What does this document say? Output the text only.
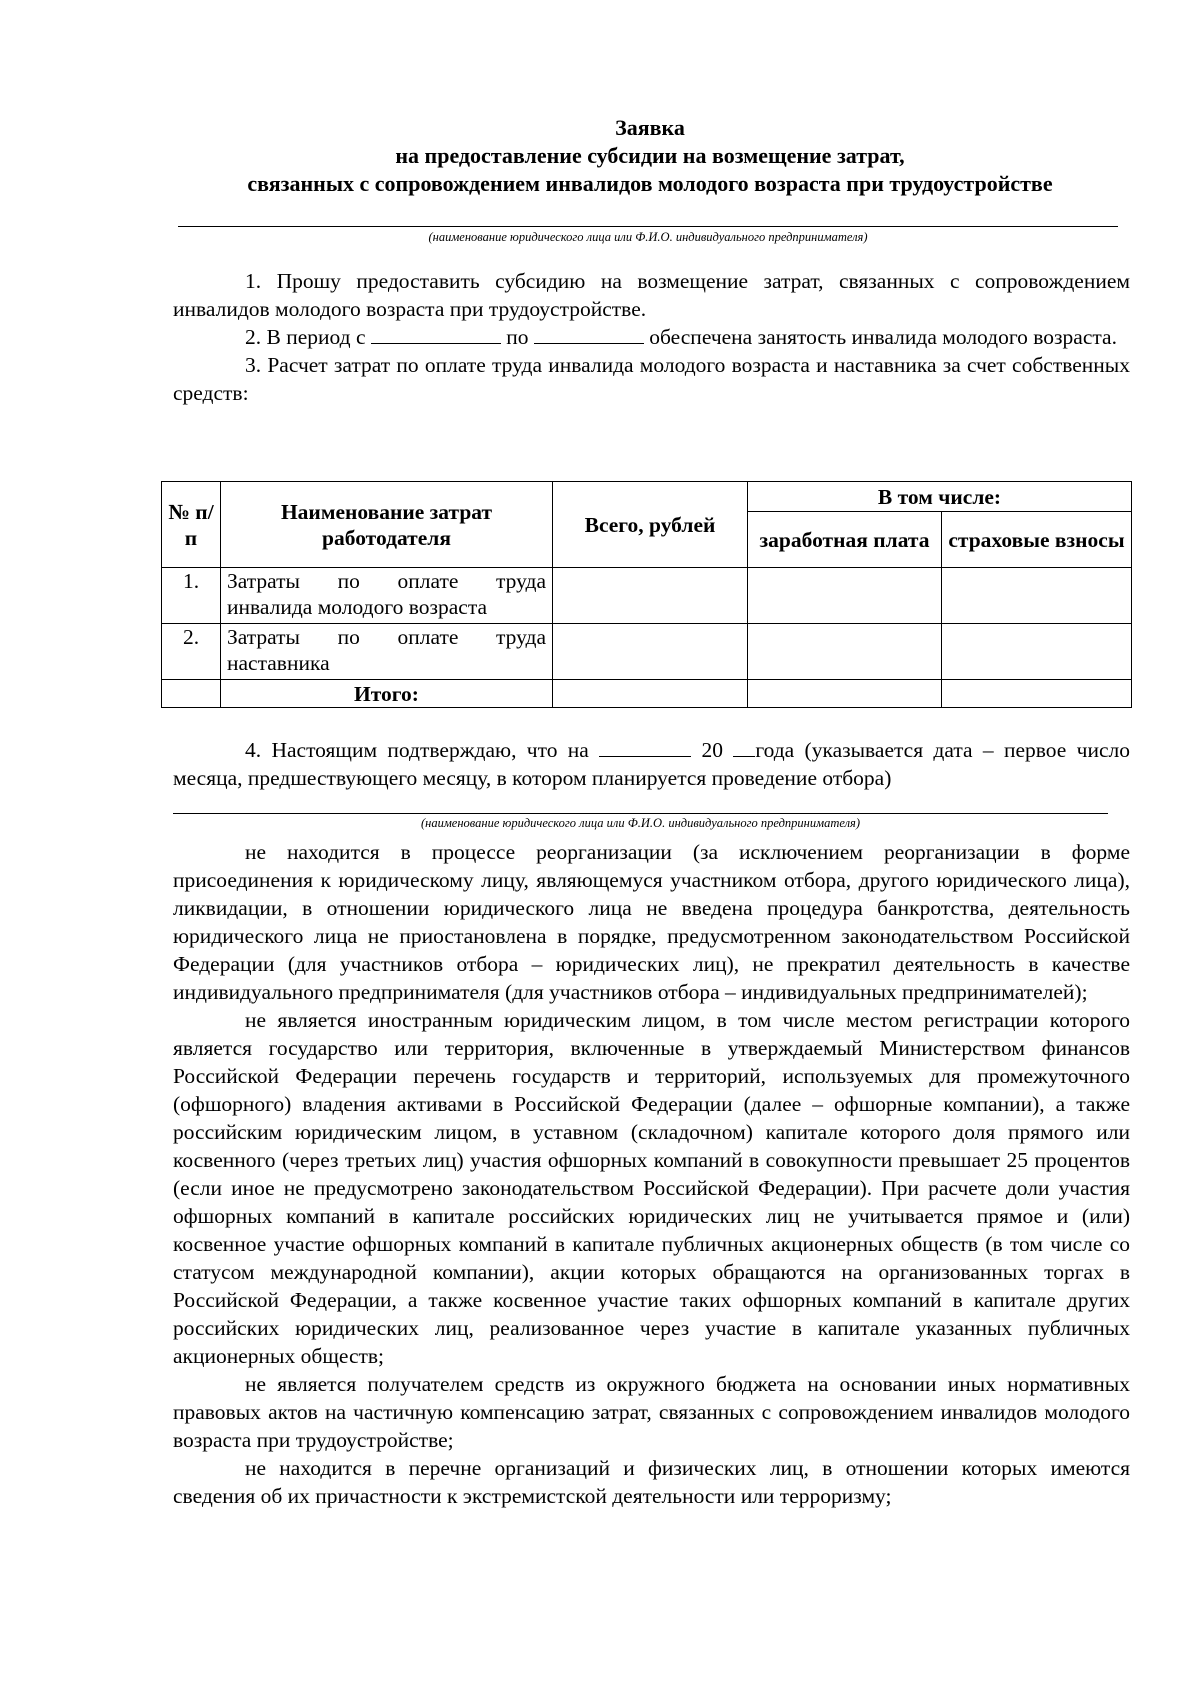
Заявка
на предоставление субсидии на возмещение затрат,
связанных с сопровождением инвалидов молодого возраста при трудоустройстве
(наименование юридического лица или Ф.И.О. индивидуального предпринимателя)

1. Прошу предоставить субсидию на возмещение затрат, связанных с сопровождением инвалидов молодого возраста при трудоустройстве.

2. В период с	по	обеспечена занятость инвалида молодого возраста.

3. Расчет затрат по оплате труда инвалида молодого возраста и наставника за счет собственных средств:

№ п/п	Наименование затрат работодателя	Всего, рублей	В том числе:	
			заработная плата	страховые взносы
1.	Затраты по оплате труда
инвалида молодого возраста			
2.	Затраты по оплате труда
наставника			
	Итого:			

4. Настоящим подтверждаю, что на	20 года (указывается дата – первое число месяца, предшествующего месяцу, в котором планируется проведение отбора)

(наименование юридического лица или Ф.И.О. индивидуального предпринимателя)

не находится в процессе реорганизации (за исключением реорганизации в форме присоединения к юридическому лицу, являющемуся участником отбора, другого юридического лица), ликвидации, в отношении юридического лица не введена процедура банкротства, деятельность юридического лица не приостановлена в порядке, предусмотренном законодательством Российской Федерации (для участников отбора – юридических лиц), не прекратил деятельность в качестве индивидуального предпринимателя (для участников отбора – индивидуальных предпринимателей);

не является иностранным юридическим лицом, в том числе местом регистрации которого является государство или территория, включенные в утверждаемый Министерством финансов Российской Федерации перечень государств и территорий, используемых для промежуточного (офшорного) владения активами в Российской Федерации (далее – офшорные компании), а также российским юридическим лицом, в уставном (складочном) капитале которого доля прямого или косвенного (через третьих лиц) участия офшорных компаний в совокупности превышает 25 процентов (если иное не предусмотрено законодательством Российской Федерации). При расчете доли участия офшорных компаний в капитале российских юридических лиц не учитывается прямое и (или) косвенное участие офшорных компаний в капитале публичных акционерных обществ (в том числе со статусом международной компании), акции которых обращаются на организованных торгах в Российской Федерации, а также косвенное участие таких офшорных компаний в капитале других российских юридических лиц, реализованное через участие в капитале указанных публичных акционерных обществ;

не является получателем средств из окружного бюджета на основании иных нормативных правовых актов на частичную компенсацию затрат, связанных с сопровождением инвалидов молодого возраста при трудоустройстве;

не находится в перечне организаций и физических лиц, в отношении которых имеются сведения об их причастности к экстремистской деятельности или терроризму;
